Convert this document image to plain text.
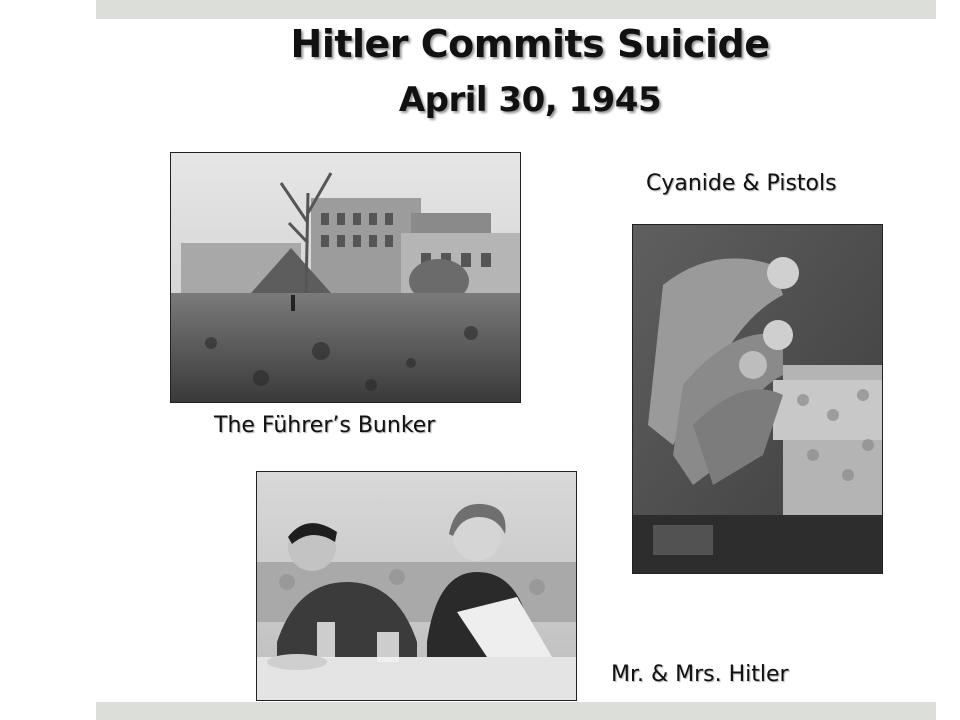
Hitler Commits Suicide
April 30, 1945
The Führer’s Bunker
Cyanide & Pistols
Mr. & Mrs. Hitler
